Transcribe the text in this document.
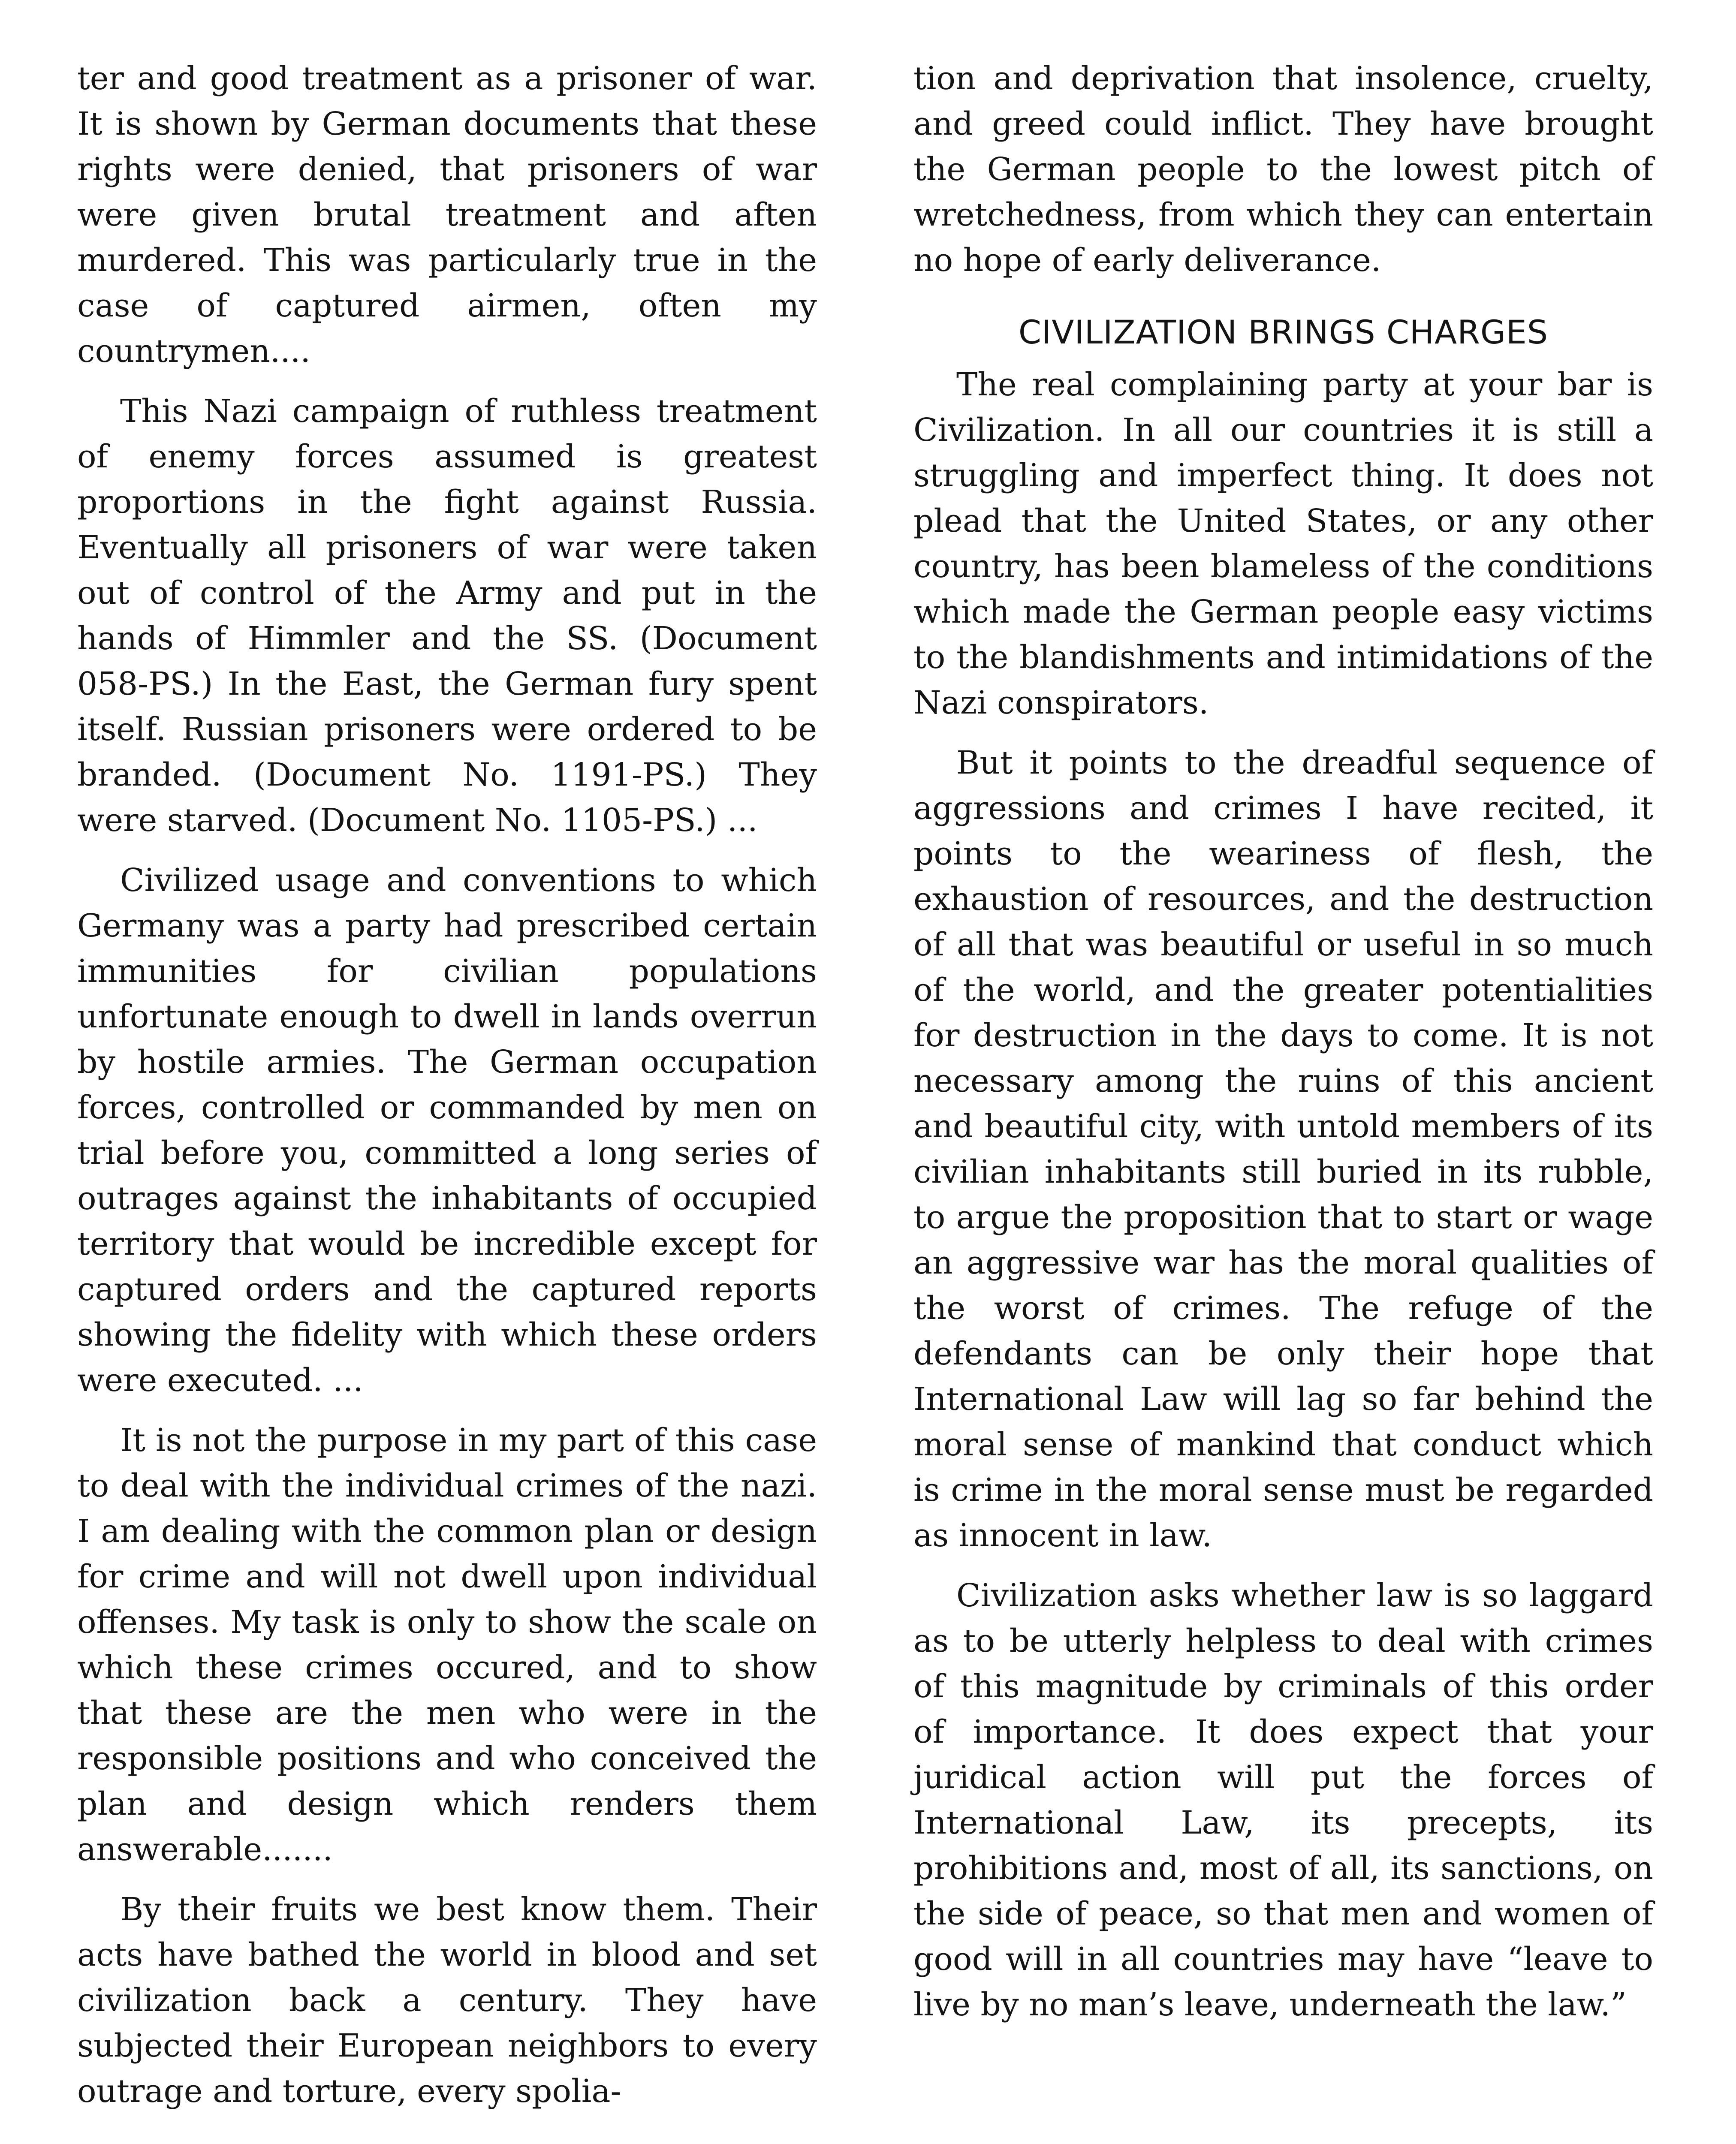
ter and good treatment as a prisoner of war. It is shown by German documents that these rights were denied, that prisoners of war were given brutal treatment and aften murdered. This was particularly true in the case of captured airmen, often my countrymen....

This Nazi campaign of ruthless treatment of enemy forces assumed is greatest proportions in the fight against Russia. Eventually all prisoners of war were taken out of control of the Army and put in the hands of Himmler and the SS. (Document 058-PS.) In the East, the German fury spent itself. Russian prisoners were ordered to be branded. (Document No. 1191-PS.) They were starved. (Document No. 1105-PS.) ...

Civilized usage and conventions to which Germany was a party had prescribed certain immunities for civilian populations unfortunate enough to dwell in lands overrun by hostile armies. The German occupation forces, controlled or commanded by men on trial before you, committed a long series of outrages against the inhabitants of occupied territory that would be incredible except for captured orders and the captured reports showing the fidelity with which these orders were executed. ...

It is not the purpose in my part of this case to deal with the individual crimes of the nazi. I am dealing with the common plan or design for crime and will not dwell upon individual offenses. My task is only to show the scale on which these crimes occured, and to show that these are the men who were in the responsible positions and who conceived the plan and design which renders them answerable.......

By their fruits we best know them. Their acts have bathed the world in blood and set civilization back a century. They have subjected their European neighbors to every outrage and torture, every spolia-

tion and deprivation that insolence, cruelty, and greed could inflict. They have brought the German people to the lowest pitch of wretchedness, from which they can entertain no hope of early deliverance.

CIVILIZATION BRINGS CHARGES

The real complaining party at your bar is Civilization. In all our countries it is still a struggling and imperfect thing. It does not plead that the United States, or any other country, has been blameless of the conditions which made the German people easy victims to the blandishments and intimidations of the Nazi conspirators.

But it points to the dreadful sequence of aggressions and crimes I have recited, it points to the weariness of flesh, the exhaustion of resources, and the destruction of all that was beautiful or useful in so much of the world, and the greater potentialities for destruction in the days to come. It is not necessary among the ruins of this ancient and beautiful city, with untold members of its civilian inhabitants still buried in its rubble, to argue the proposition that to start or wage an aggressive war has the moral qualities of the worst of crimes. The refuge of the defendants can be only their hope that International Law will lag so far behind the moral sense of mankind that conduct which is crime in the moral sense must be regarded as innocent in law.

Civilization asks whether law is so laggard as to be utterly helpless to deal with crimes of this magnitude by criminals of this order of importance. It does expect that your juridical action will put the forces of International Law, its precepts, its prohibitions and, most of all, its sanctions, on the side of peace, so that men and women of good will in all countries may have “leave to live by no man’s leave, underneath the law.”
